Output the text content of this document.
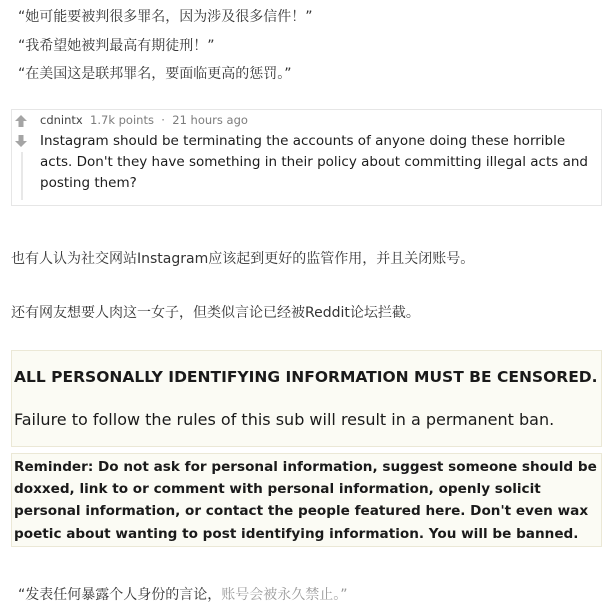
“她可能要被判很多罪名，因为涉及很多信件！”
“我希望她被判最高有期徒刑！”
“在美国这是联邦罪名，要面临更高的惩罚。”
cdnintx 1.7k points · 21 hours ago
Instagram should be terminating the accounts of anyone doing these horrible acts. Don't they have something in their policy about committing illegal acts and posting them?
也有人认为社交网站Instagram应该起到更好的监管作用，并且关闭账号。
还有网友想要人肉这一女子，但类似言论已经被Reddit论坛拦截。
ALL PERSONALLY IDENTIFYING INFORMATION MUST BE CENSORED.
Failure to follow the rules of this sub will result in a permanent ban.
Reminder: Do not ask for personal information, suggest someone should be doxxed, link to or comment with personal information, openly solicit personal information, or contact the people featured here. Don't even wax poetic about wanting to post identifying information. You will be banned.
“发表任何暴露个人身份的言论，账号会被永久禁止。”
